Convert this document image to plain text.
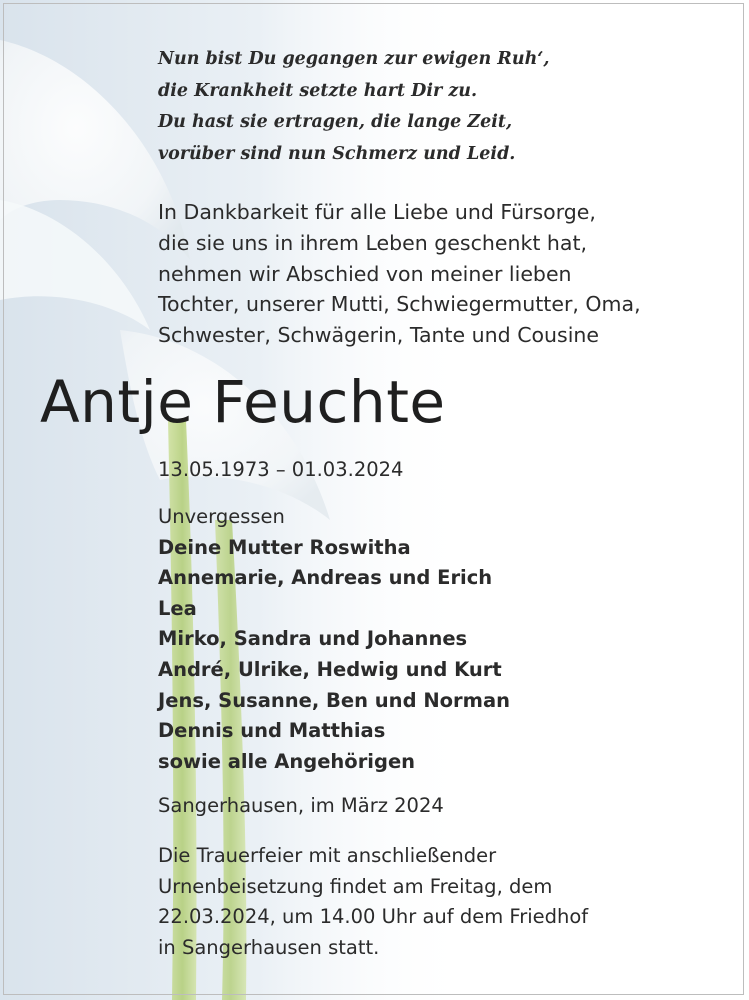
Nun bist Du gegangen zur ewigen Ruh‘,
die Krankheit setzte hart Dir zu.
Du hast sie ertragen, die lange Zeit,
vorüber sind nun Schmerz und Leid.
In Dankbarkeit für alle Liebe und Fürsorge,
die sie uns in ihrem Leben geschenkt hat,
nehmen wir Abschied von meiner lieben
Tochter, unserer Mutti, Schwiegermutter, Oma,
Schwester, Schwägerin, Tante und Cousine
Antje Feuchte
13.05.1973 – 01.03.2024
Unvergessen
Deine Mutter Roswitha
Annemarie, Andreas und Erich
Lea
Mirko, Sandra und Johannes
André, Ulrike, Hedwig und Kurt
Jens, Susanne, Ben und Norman
Dennis und Matthias
sowie alle Angehörigen
Sangerhausen, im März 2024
Die Trauerfeier mit anschließender
Urnenbeisetzung findet am Freitag, dem
22.03.2024, um 14.00 Uhr auf dem Friedhof
in Sangerhausen statt.
